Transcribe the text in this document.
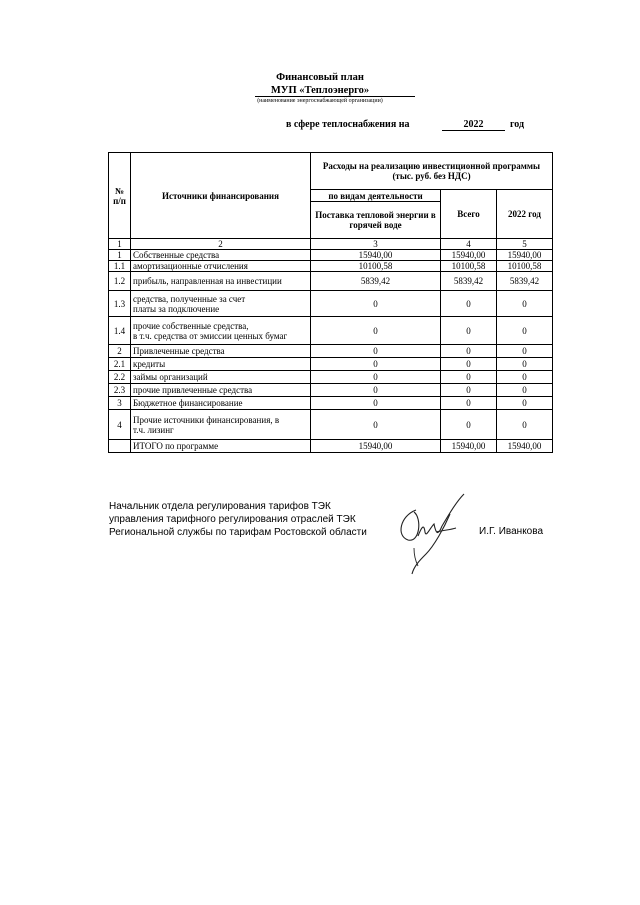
Финансовый план
МУП «Теплоэнерго»
(наименование энергоснабжающей организации)
в сфере теплоснабжения на	2022	год
№ п/п	Источники финансирования	Расходы на реализацию инвестиционной программы (тыс. руб. без НДС)		
		по видам деятельности	Всего	2022 год
		Поставка тепловой энергии в горячей воде		
1	2	3	4	5
1	Собственные средства	15940,00	15940,00	15940,00
1.1	амортизационные отчисления	10100,58	10100,58	10100,58
1.2	прибыль, направленная на инвестиции	5839,42	5839,42	5839,42
1.3	средства, полученные за счет
платы за подключение	0	0	0
1.4	прочие собственные средства,
в т.ч. средства от эмиссии ценных бумаг	0	0	0
2	Привлеченные средства	0	0	0
2.1	кредиты	0	0	0
2.2	займы организаций	0	0	0
2.3	прочие привлеченные средства	0	0	0
3	Бюджетное финансирование	0	0	0
4	Прочие источники финансирования, в
т.ч. лизинг	0	0	0
	ИТОГО по программе	15940,00	15940,00	15940,00
Начальник отдела регулирования тарифов ТЭК
управления тарифного регулирования отраслей ТЭК
Региональной службы по тарифам Ростовской области	И.Г. Иванкова
